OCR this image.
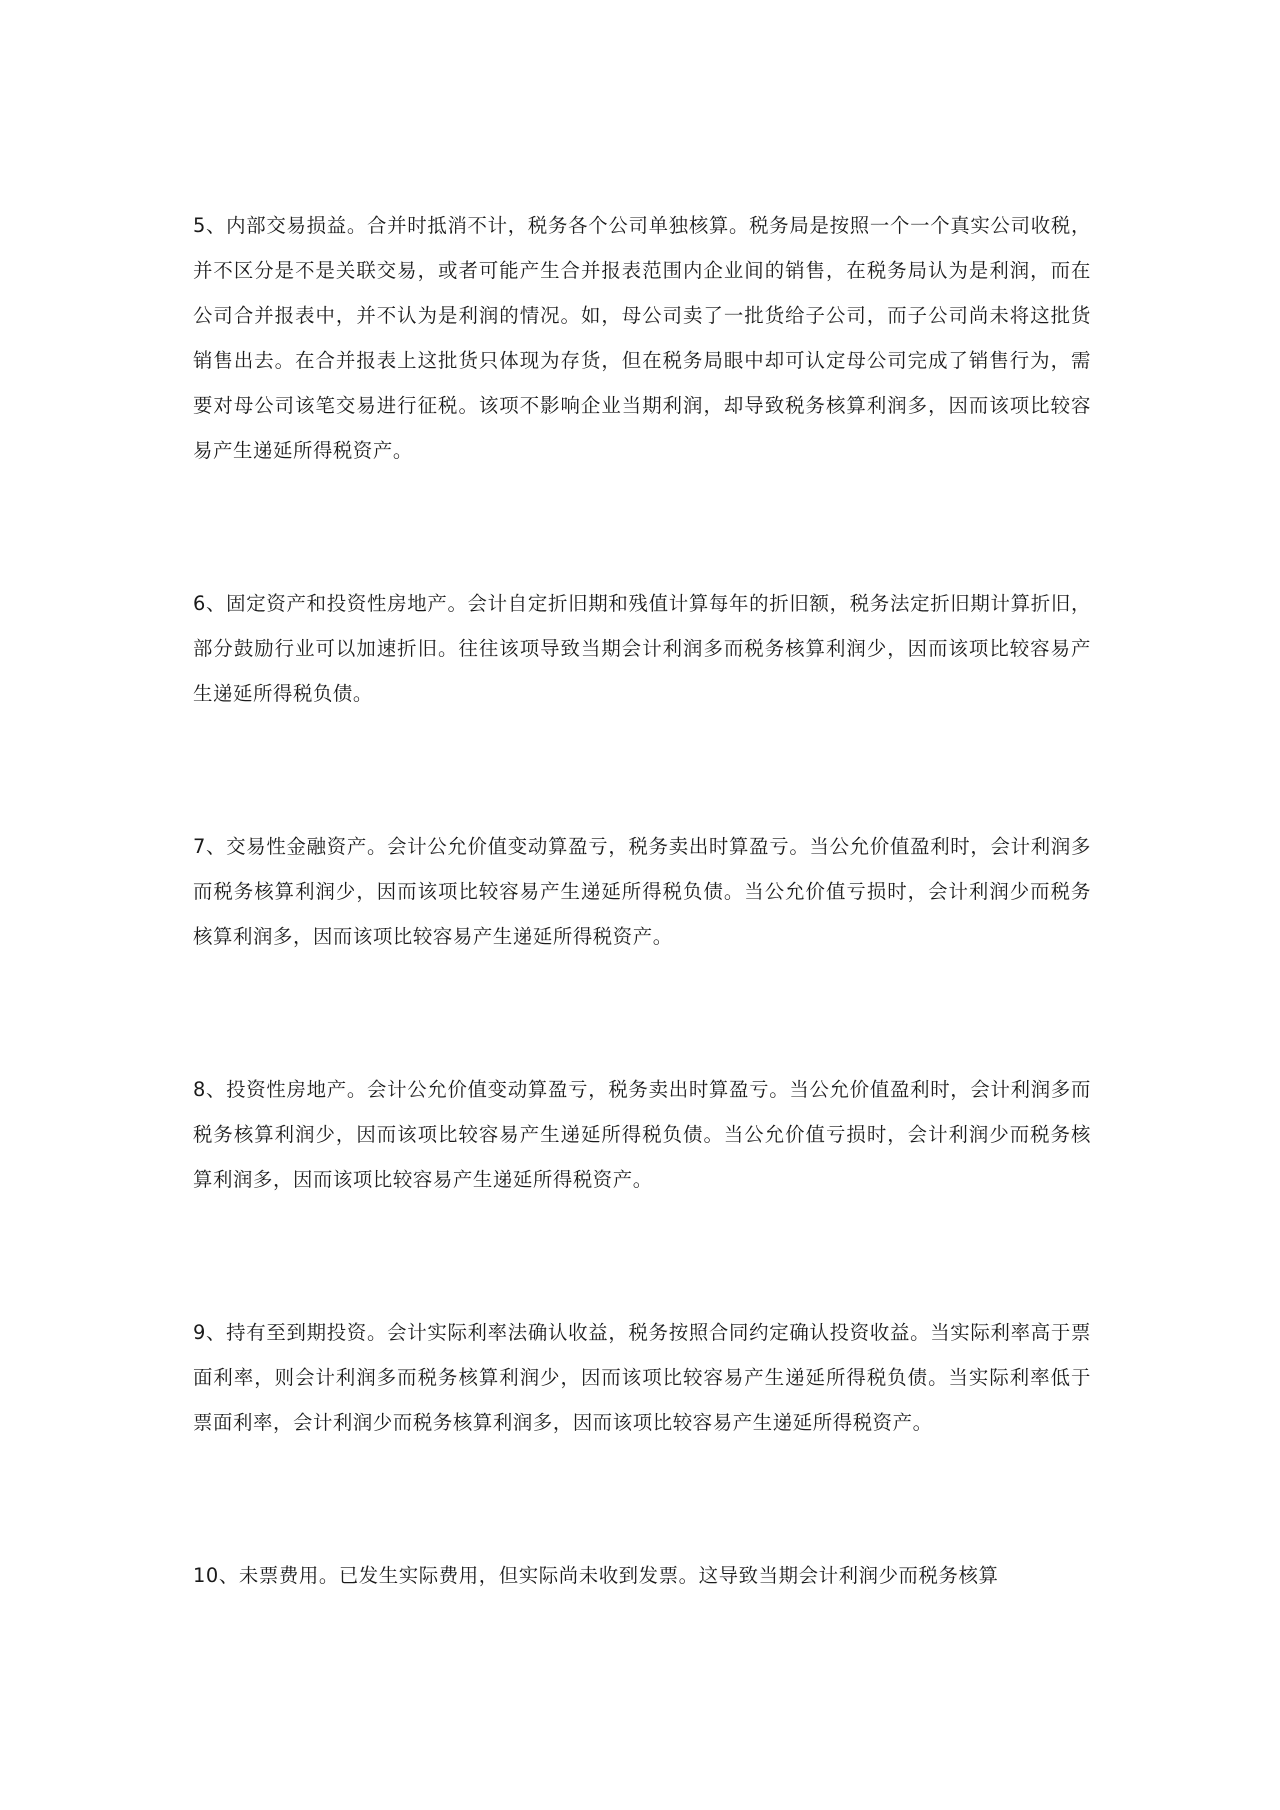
5、内部交易损益。合并时抵消不计，税务各个公司单独核算。税务局是按照一个一个真实公司收税，并不区分是不是关联交易，或者可能产生合并报表范围内企业间的销售，在税务局认为是利润，而在公司合并报表中，并不认为是利润的情况。如，母公司卖了一批货给子公司，而子公司尚未将这批货销售出去。在合并报表上这批货只体现为存货，但在税务局眼中却可认定母公司完成了销售行为，需要对母公司该笔交易进行征税。该项不影响企业当期利润，却导致税务核算利润多，因而该项比较容易产生递延所得税资产。

6、固定资产和投资性房地产。会计自定折旧期和残值计算每年的折旧额，税务法定折旧期计算折旧，部分鼓励行业可以加速折旧。往往该项导致当期会计利润多而税务核算利润少，因而该项比较容易产生递延所得税负债。

7、交易性金融资产。会计公允价值变动算盈亏，税务卖出时算盈亏。当公允价值盈利时，会计利润多而税务核算利润少，因而该项比较容易产生递延所得税负债。当公允价值亏损时，会计利润少而税务核算利润多，因而该项比较容易产生递延所得税资产。

8、投资性房地产。会计公允价值变动算盈亏，税务卖出时算盈亏。当公允价值盈利时，会计利润多而税务核算利润少，因而该项比较容易产生递延所得税负债。当公允价值亏损时，会计利润少而税务核算利润多，因而该项比较容易产生递延所得税资产。

9、持有至到期投资。会计实际利率法确认收益，税务按照合同约定确认投资收益。当实际利率高于票面利率，则会计利润多而税务核算利润少，因而该项比较容易产生递延所得税负债。当实际利率低于票面利率，会计利润少而税务核算利润多，因而该项比较容易产生递延所得税资产。

10、未票费用。已发生实际费用，但实际尚未收到发票。这导致当期会计利润少而税务核算
